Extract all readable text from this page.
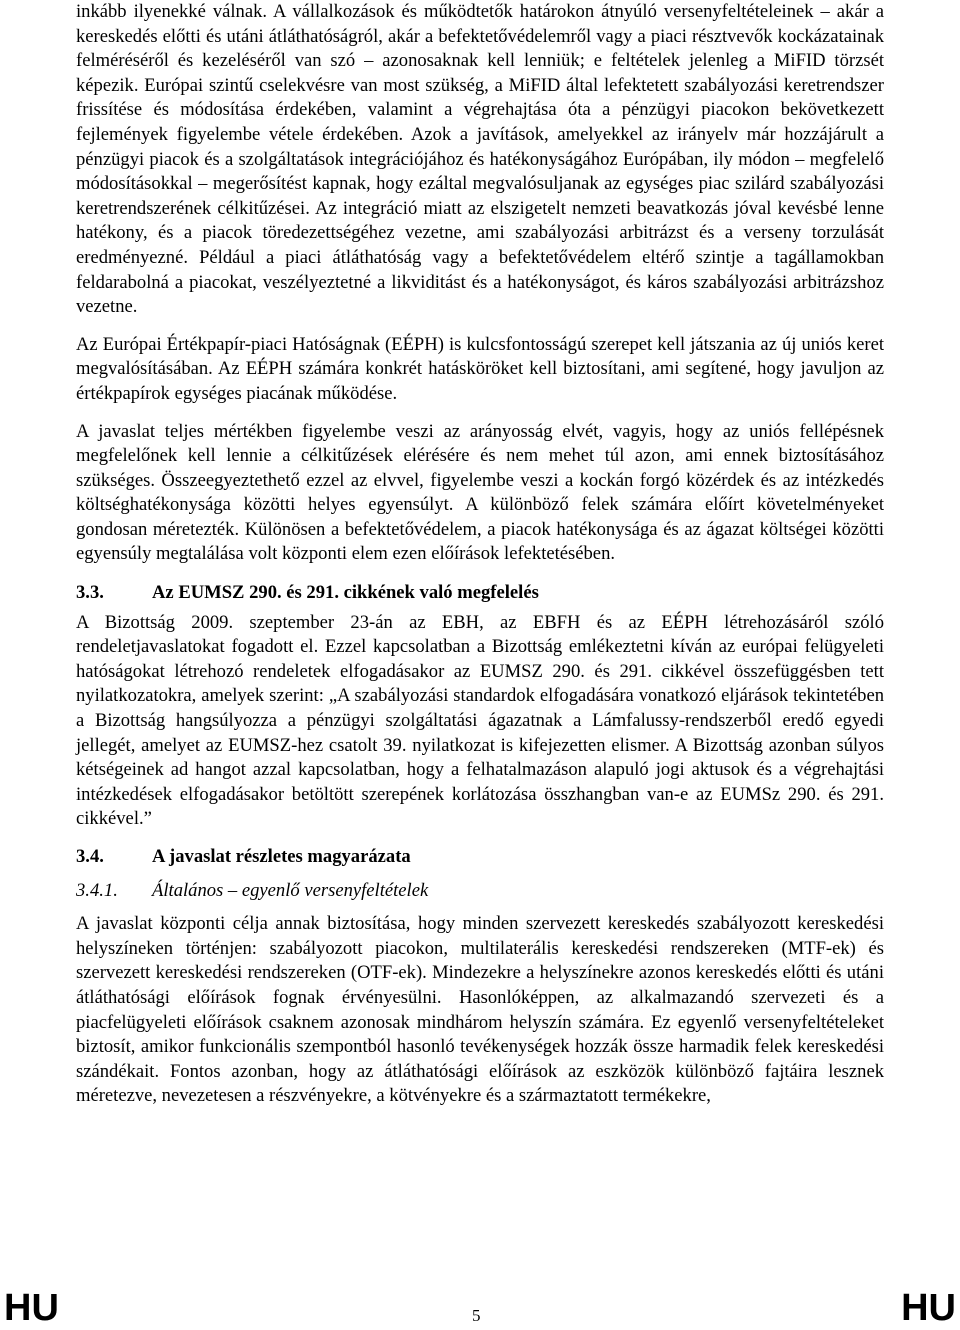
inkább ilyenekké válnak. A vállalkozások és működtetők határokon átnyúló versenyfeltételeinek – akár a kereskedés előtti és utáni átláthatóságról, akár a befektetővédelemről vagy a piaci résztvevők kockázatainak felméréséről és kezeléséről van szó – azonosaknak kell lenniük; e feltételek jelenleg a MiFID törzsét képezik. Európai szintű cselekvésre van most szükség, a MiFID által lefektetett szabályozási keretrendszer frissítése és módosítása érdekében, valamint a végrehajtása óta a pénzügyi piacokon bekövetkezett fejlemények figyelembe vétele érdekében. Azok a javítások, amelyekkel az irányelv már hozzájárult a pénzügyi piacok és a szolgáltatások integrációjához és hatékonyságához Európában, ily módon – megfelelő módosításokkal – megerősítést kapnak, hogy ezáltal megvalósuljanak az egységes piac szilárd szabályozási keretrendszerének célkitűzései. Az integráció miatt az elszigetelt nemzeti beavatkozás jóval kevésbé lenne hatékony, és a piacok töredezettségéhez vezetne, ami szabályozási arbitrázst és a verseny torzulását eredményezné. Például a piaci átláthatóság vagy a befektetővédelem eltérő szintje a tagállamokban feldarabolná a piacokat, veszélyeztetné a likviditást és a hatékonyságot, és káros szabályozási arbitrázshoz vezetne.

Az Európai Értékpapír-piaci Hatóságnak (EÉPH) is kulcsfontosságú szerepet kell játszania az új uniós keret megvalósításában. Az EÉPH számára konkrét hatásköröket kell biztosítani, ami segítené, hogy javuljon az értékpapírok egységes piacának működése.

A javaslat teljes mértékben figyelembe veszi az arányosság elvét, vagyis, hogy az uniós fellépésnek megfelelőnek kell lennie a célkitűzések elérésére és nem mehet túl azon, ami ennek biztosításához szükséges. Összeegyeztethető ezzel az elvvel, figyelembe veszi a kockán forgó közérdek és az intézkedés költséghatékonysága közötti helyes egyensúlyt. A különböző felek számára előírt követelményeket gondosan méretezték. Különösen a befektetővédelem, a piacok hatékonysága és az ágazat költségei közötti egyensúly megtalálása volt központi elem ezen előírások lefektetésében.

3.3.	Az EUMSZ 290. és 291. cikkének való megfelelés

A Bizottság 2009. szeptember 23-án az EBH, az EBFH és az EÉPH létrehozásáról szóló rendeletjavaslatokat fogadott el. Ezzel kapcsolatban a Bizottság emlékeztetni kíván az európai felügyeleti hatóságokat létrehozó rendeletek elfogadásakor az EUMSZ 290. és 291. cikkével összefüggésben tett nyilatkozatokra, amelyek szerint: „A szabályozási standardok elfogadására vonatkozó eljárások tekintetében a Bizottság hangsúlyozza a pénzügyi szolgáltatási ágazatnak a Lámfalussy-rendszerből eredő egyedi jellegét, amelyet az EUMSZ-hez csatolt 39. nyilatkozat is kifejezetten elismer. A Bizottság azonban súlyos kétségeinek ad hangot azzal kapcsolatban, hogy a felhatalmazáson alapuló jogi aktusok és a végrehajtási intézkedések elfogadásakor betöltött szerepének korlátozása összhangban van-e az EUMSz 290. és 291. cikkével.”

3.4.	A javaslat részletes magyarázata
3.4.1.	Általános – egyenlő versenyfeltételek

A javaslat központi célja annak biztosítása, hogy minden szervezett kereskedés szabályozott kereskedési helyszíneken történjen: szabályozott piacokon, multilaterális kereskedési rendszereken (MTF-ek) és szervezett kereskedési rendszereken (OTF-ek). Mindezekre a helyszínekre azonos kereskedés előtti és utáni átláthatósági előírások fognak érvényesülni. Hasonlóképpen, az alkalmazandó szervezeti és a piacfelügyeleti előírások csaknem azonosak mindhárom helyszín számára. Ez egyenlő versenyfeltételeket biztosít, amikor funkcionális szempontból hasonló tevékenységek hozzák össze harmadik felek kereskedési szándékait. Fontos azonban, hogy az átláthatósági előírások az eszközök különböző fajtáira lesznek méretezve, nevezetesen a részvényekre, a kötvényekre és a származtatott termékekre,

HU	5	HU
